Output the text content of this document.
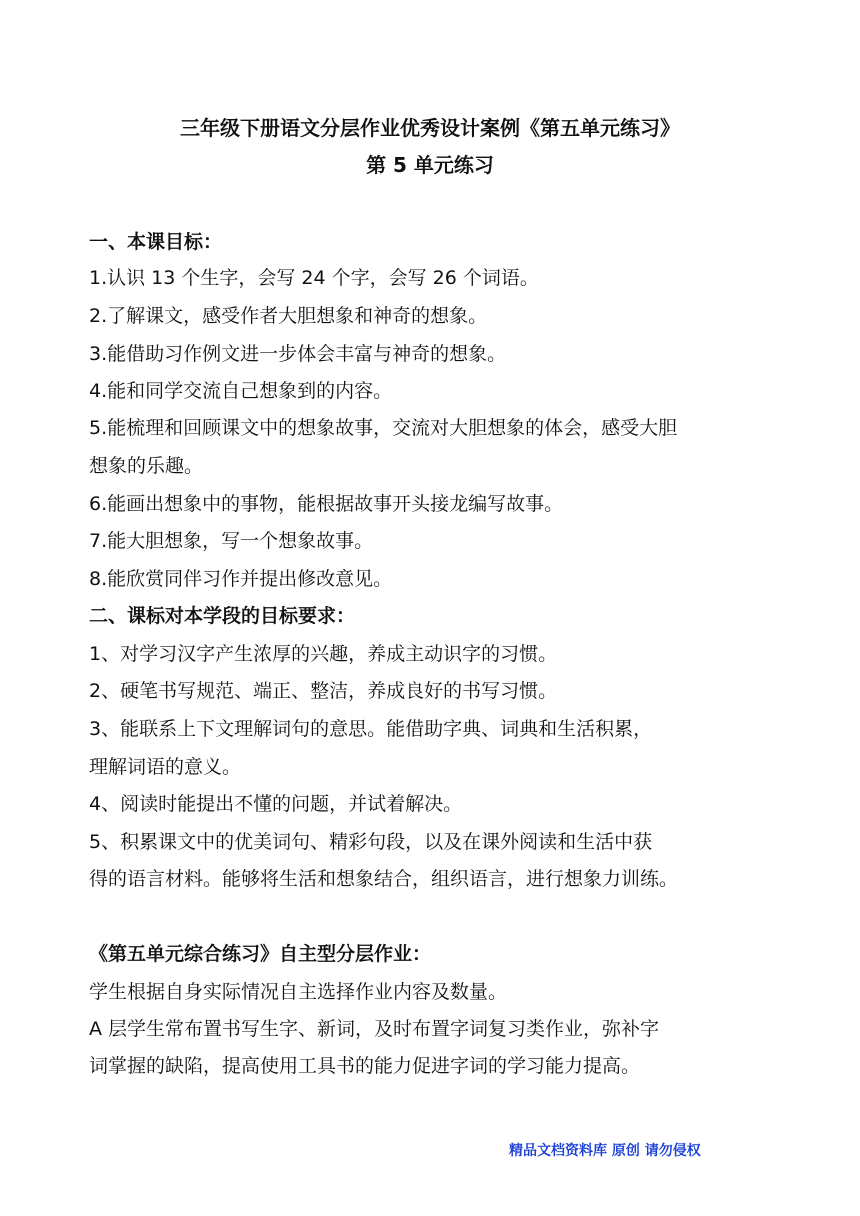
三年级下册语文分层作业优秀设计案例《第五单元练习》
第 5 单元练习

一、本课目标：

1.认识 13 个生字，会写 24 个字，会写 26 个词语。

2.了解课文，感受作者大胆想象和神奇的想象。

3.能借助习作例文进一步体会丰富与神奇的想象。

4.能和同学交流自己想象到的内容。

5.能梳理和回顾课文中的想象故事，交流对大胆想象的体会，感受大胆

想象的乐趣。

6.能画出想象中的事物，能根据故事开头接龙编写故事。

7.能大胆想象，写一个想象故事。

8.能欣赏同伴习作并提出修改意见。

二、课标对本学段的目标要求：

1、对学习汉字产生浓厚的兴趣，养成主动识字的习惯。

2、硬笔书写规范、端正、整洁，养成良好的书写习惯。

3、能联系上下文理解词句的意思。能借助字典、词典和生活积累，

理解词语的意义。

4、阅读时能提出不懂的问题，并试着解决。

5、积累课文中的优美词句、精彩句段，以及在课外阅读和生活中获

得的语言材料。能够将生活和想象结合，组织语言，进行想象力训练。

《第五单元综合练习》自主型分层作业：

学生根据自身实际情况自主选择作业内容及数量。

A 层学生常布置书写生字、新词，及时布置字词复习类作业，弥补字

词掌握的缺陷，提高使用工具书的能力促进字词的学习能力提高。

精品文档资料库 原创 请勿侵权
